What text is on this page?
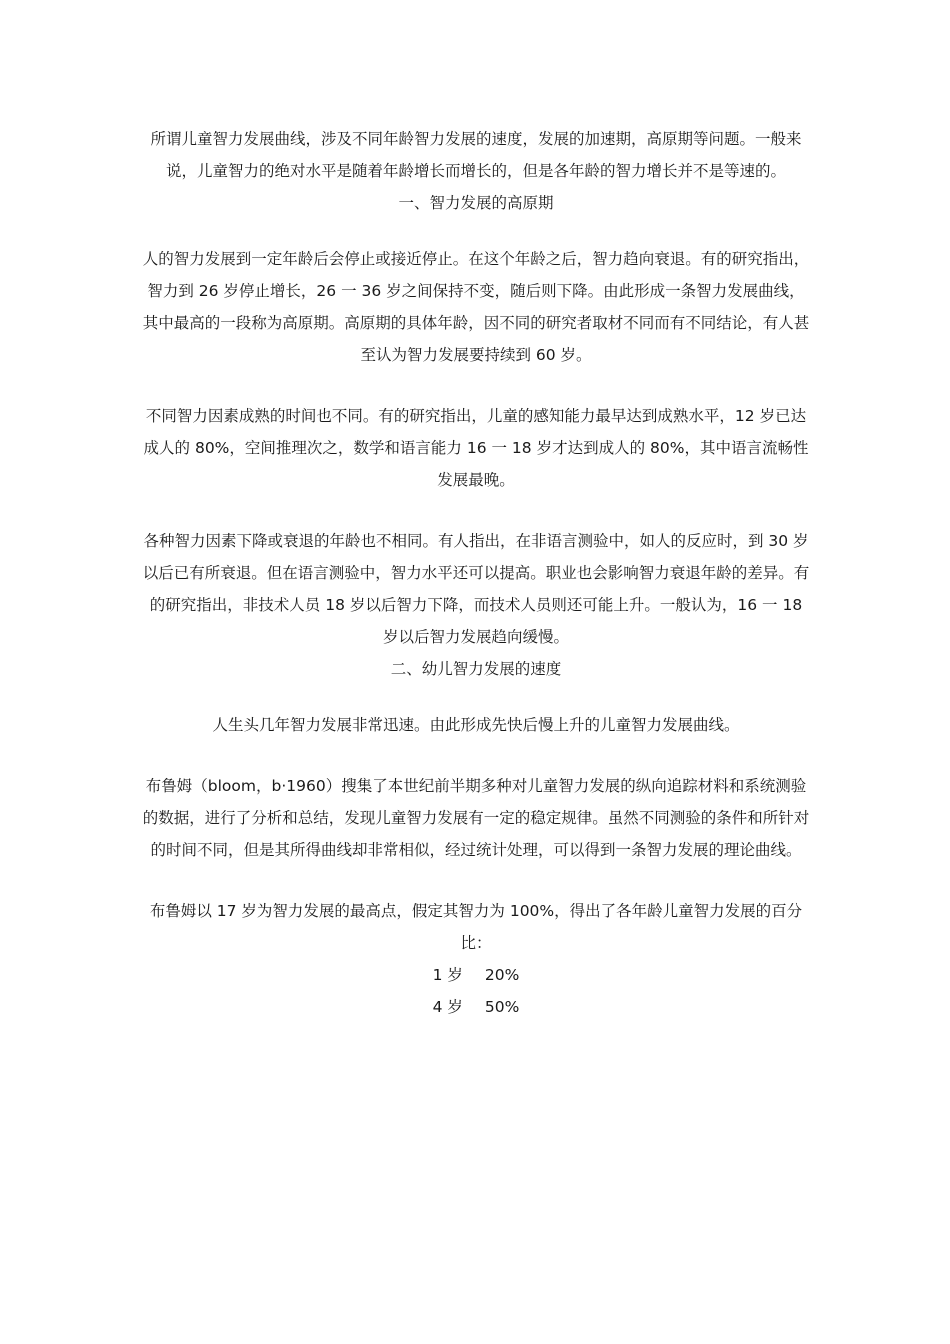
所谓儿童智力发展曲线，涉及不同年龄智力发展的速度，发展的加速期，高原期等问题。一般来说，儿童智力的绝对水平是随着年龄增长而增长的，但是各年龄的智力增长并不是等速的。

一、智力发展的高原期

人的智力发展到一定年龄后会停止或接近停止。在这个年龄之后，智力趋向衰退。有的研究指出，智力到 26 岁停止增长，26 一 36 岁之间保持不变，随后则下降。由此形成一条智力发展曲线，其中最高的一段称为高原期。高原期的具体年龄，因不同的研究者取材不同而有不同结论，有人甚至认为智力发展要持续到 60 岁。

不同智力因素成熟的时间也不同。有的研究指出，儿童的感知能力最早达到成熟水平，12 岁已达成人的 80%，空间推理次之，数学和语言能力 16 一 18 岁才达到成人的 80%，其中语言流畅性发展最晚。

各种智力因素下降或衰退的年龄也不相同。有人指出，在非语言测验中，如人的反应时，到 30 岁以后已有所衰退。但在语言测验中，智力水平还可以提高。职业也会影响智力衰退年龄的差异。有的研究指出，非技术人员 18 岁以后智力下降，而技术人员则还可能上升。一般认为，16 一 18 岁以后智力发展趋向缓慢。

二、幼儿智力发展的速度

人生头几年智力发展非常迅速。由此形成先快后慢上升的儿童智力发展曲线。

布鲁姆（bloom，b·1960）搜集了本世纪前半期多种对儿童智力发展的纵向追踪材料和系统测验的数据，进行了分析和总结，发现儿童智力发展有一定的稳定规律。虽然不同测验的条件和所针对的时间不同，但是其所得曲线却非常相似，经过统计处理，可以得到一条智力发展的理论曲线。

布鲁姆以 17 岁为智力发展的最高点，假定其智力为 100%，得出了各年龄儿童智力发展的百分比：

1 岁 20%

4 岁 50%
